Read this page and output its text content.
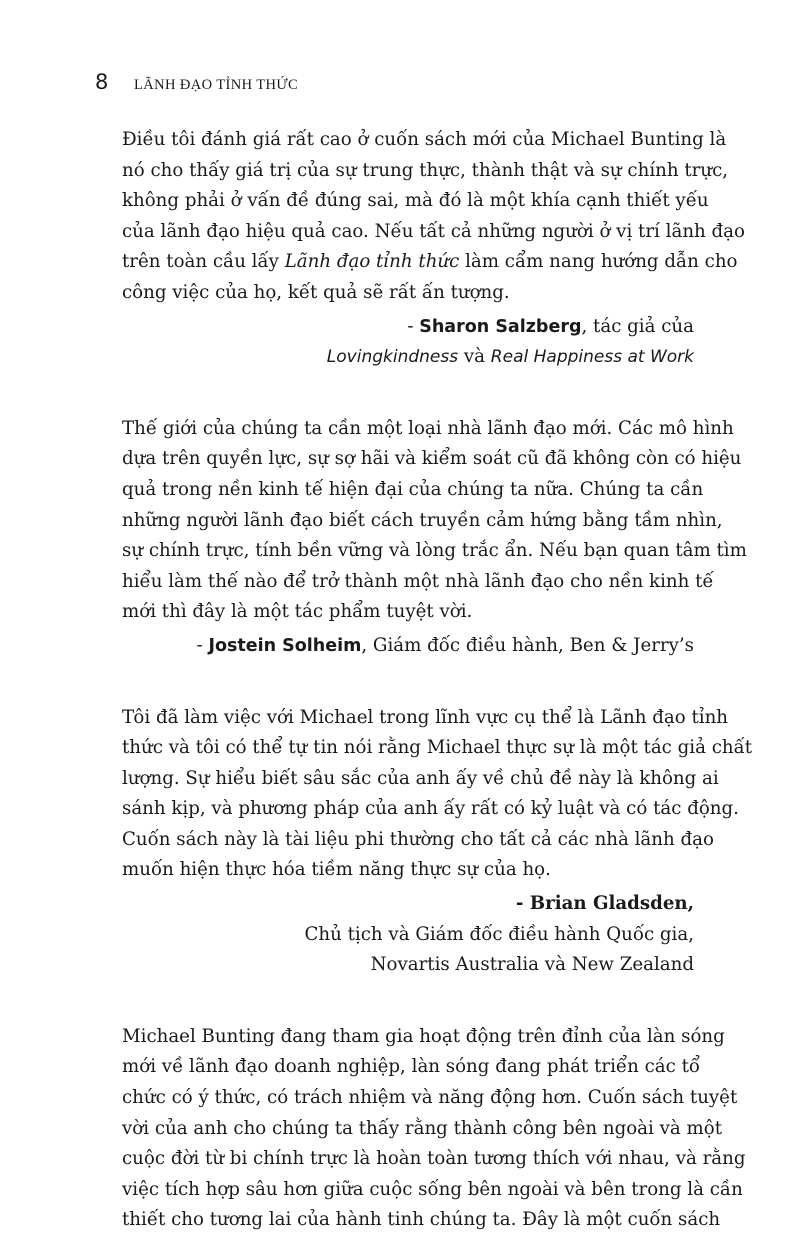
8 LÃNH ĐẠO TỈNH THỨC

Điều tôi đánh giá rất cao ở cuốn sách mới của Michael Bunting là
nó cho thấy giá trị của sự trung thực, thành thật và sự chính trực,
không phải ở vấn đề đúng sai, mà đó là một khía cạnh thiết yếu
của lãnh đạo hiệu quả cao. Nếu tất cả những người ở vị trí lãnh đạo
trên toàn cầu lấy Lãnh đạo tỉnh thức làm cẩm nang hướng dẫn cho
công việc của họ, kết quả sẽ rất ấn tượng.

- Sharon Salzberg, tác giả của
Lovingkindness và Real Happiness at Work

Thế giới của chúng ta cần một loại nhà lãnh đạo mới. Các mô hình
dựa trên quyền lực, sự sợ hãi và kiểm soát cũ đã không còn có hiệu
quả trong nền kinh tế hiện đại của chúng ta nữa. Chúng ta cần
những người lãnh đạo biết cách truyền cảm hứng bằng tầm nhìn,
sự chính trực, tính bền vững và lòng trắc ẩn. Nếu bạn quan tâm tìm
hiểu làm thế nào để trở thành một nhà lãnh đạo cho nền kinh tế
mới thì đây là một tác phẩm tuyệt vời.

- Jostein Solheim, Giám đốc điều hành, Ben & Jerry’s

Tôi đã làm việc với Michael trong lĩnh vực cụ thể là Lãnh đạo tỉnh
thức và tôi có thể tự tin nói rằng Michael thực sự là một tác giả chất
lượng. Sự hiểu biết sâu sắc của anh ấy về chủ đề này là không ai
sánh kịp, và phương pháp của anh ấy rất có kỷ luật và có tác động.
Cuốn sách này là tài liệu phi thường cho tất cả các nhà lãnh đạo
muốn hiện thực hóa tiềm năng thực sự của họ.

- Brian Gladsden,
Chủ tịch và Giám đốc điều hành Quốc gia,
Novartis Australia và New Zealand

Michael Bunting đang tham gia hoạt động trên đỉnh của làn sóng
mới về lãnh đạo doanh nghiệp, làn sóng đang phát triển các tổ
chức có ý thức, có trách nhiệm và năng động hơn. Cuốn sách tuyệt
vời của anh cho chúng ta thấy rằng thành công bên ngoài và một
cuộc đời từ bi chính trực là hoàn toàn tương thích với nhau, và rằng
việc tích hợp sâu hơn giữa cuộc sống bên ngoài và bên trong là cần
thiết cho tương lai của hành tinh chúng ta. Đây là một cuốn sách
